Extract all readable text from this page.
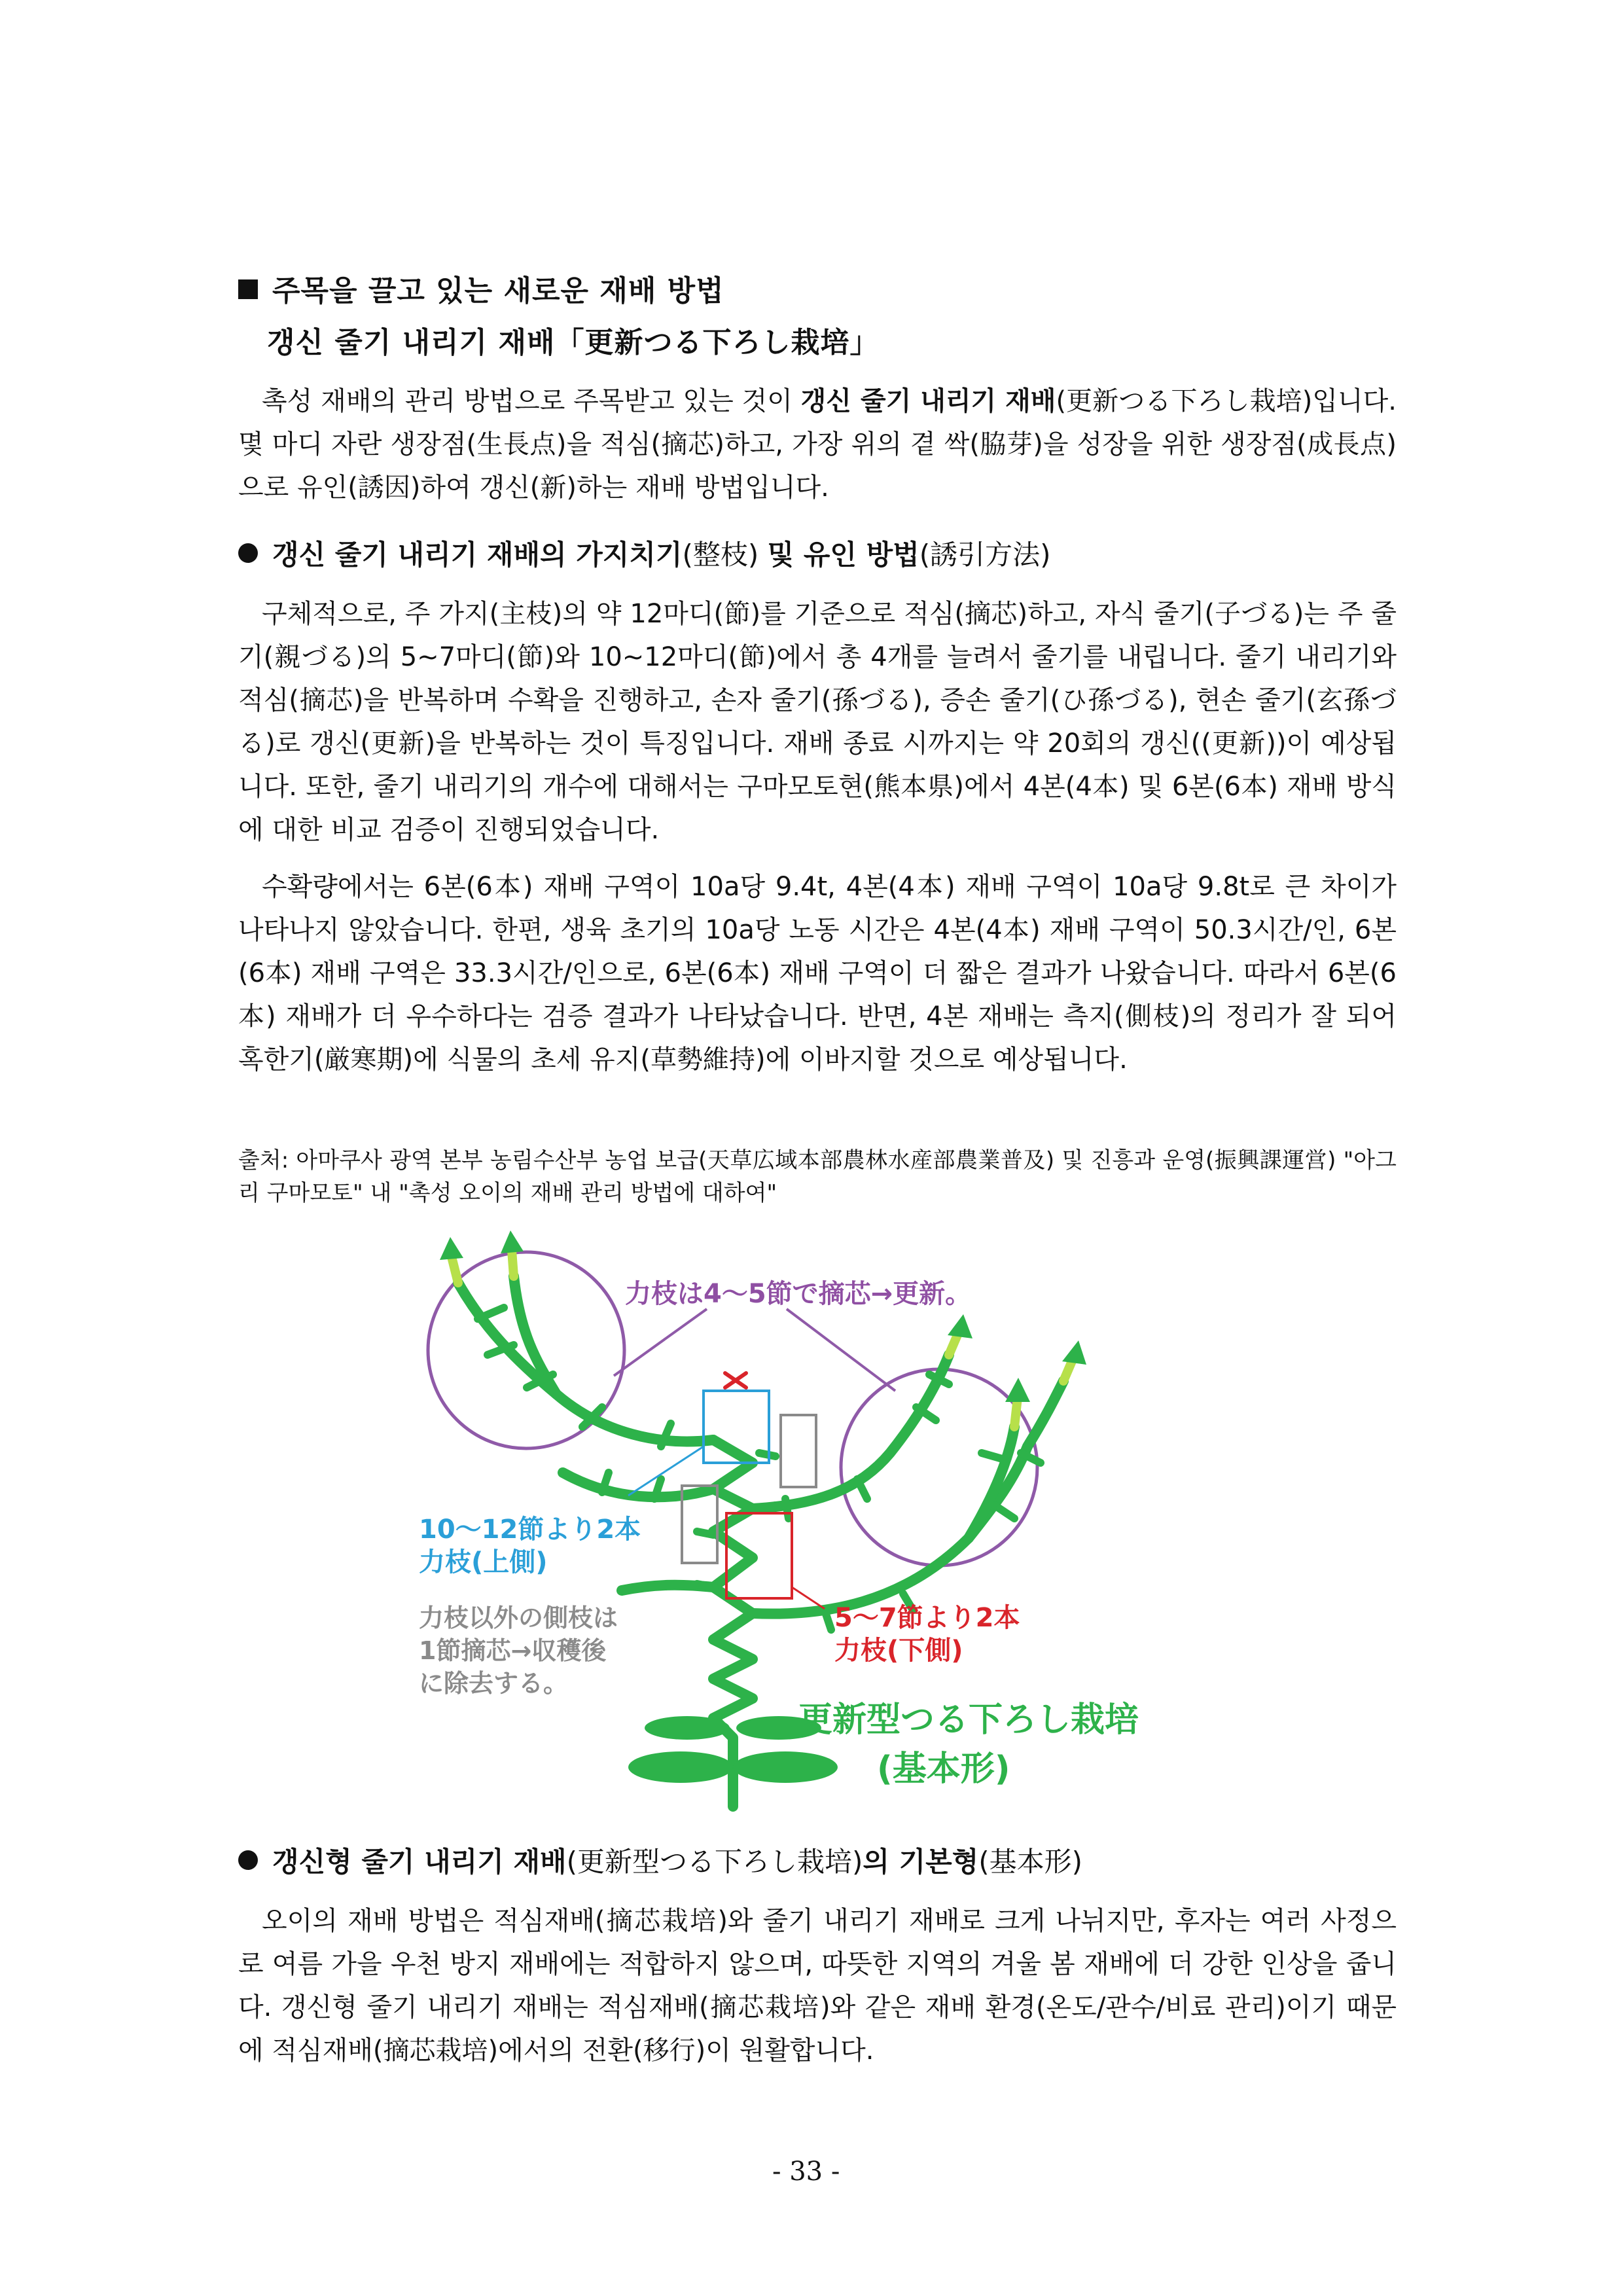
주목을 끌고 있는 새로운 재배 방법
갱신 줄기 내리기 재배「更新つる下ろし栽培」
촉성 재배의 관리 방법으로 주목받고 있는 것이 갱신 줄기 내리기 재배(更新つる下ろし栽培)입니다. 몇 마디 자란 생장점(生長点)을 적심(摘芯)하고, 가장 위의 곁 싹(脇芽)을 성장을 위한 생장점(成長点)으로 유인(誘因)하여 갱신(新)하는 재배 방법입니다.
갱신 줄기 내리기 재배의 가지치기(整枝) 및 유인 방법(誘引方法)
구체적으로, 주 가지(主枝)의 약 12마디(節)를 기준으로 적심(摘芯)하고, 자식 줄기(子づる)는 주 줄기(親づる)의 5~7마디(節)와 10~12마디(節)에서 총 4개를 늘려서 줄기를 내립니다. 줄기 내리기와 적심(摘芯)을 반복하며 수확을 진행하고, 손자 줄기(孫づる), 증손 줄기(ひ孫づる), 현손 줄기(玄孫づる)로 갱신(更新)을 반복하는 것이 특징입니다. 재배 종료 시까지는 약 20회의 갱신((更新))이 예상됩니다. 또한, 줄기 내리기의 개수에 대해서는 구마모토현(熊本県)에서 4본(4本) 및 6본(6本) 재배 방식에 대한 비교 검증이 진행되었습니다.
수확량에서는 6본(6本) 재배 구역이 10a당 9.4t, 4본(4本) 재배 구역이 10a당 9.8t로 큰 차이가 나타나지 않았습니다. 한편, 생육 초기의 10a당 노동 시간은 4본(4本) 재배 구역이 50.3시간/인, 6본(6本) 재배 구역은 33.3시간/인으로, 6본(6本) 재배 구역이 더 짧은 결과가 나왔습니다. 따라서 6본(6本) 재배가 더 우수하다는 검증 결과가 나타났습니다. 반면, 4본 재배는 측지(側枝)의 정리가 잘 되어 혹한기(厳寒期)에 식물의 초세 유지(草勢維持)에 이바지할 것으로 예상됩니다.
출처: 아마쿠사 광역 본부 농림수산부 농업 보급(天草広域本部農林水産部農業普及) 및 진흥과 운영(振興課運営) "아그리 구마모토" 내 "촉성 오이의 재배 관리 방법에 대하여"
力枝は4～5節で摘芯→更新。
10～12節より2本
力枝(上側)
力枝以外の側枝は
1節摘芯→収穫後
に除去する。
5～7節より2本
力枝(下側)
更新型つる下ろし栽培
(基本形)
갱신형 줄기 내리기 재배(更新型つる下ろし栽培)의 기본형(基本形)
오이의 재배 방법은 적심재배(摘芯栽培)와 줄기 내리기 재배로 크게 나뉘지만, 후자는 여러 사정으로 여름 가을 우천 방지 재배에는 적합하지 않으며, 따뜻한 지역의 겨울 봄 재배에 더 강한 인상을 줍니다. 갱신형 줄기 내리기 재배는 적심재배(摘芯栽培)와 같은 재배 환경(온도/관수/비료 관리)이기 때문에 적심재배(摘芯栽培)에서의 전환(移行)이 원활합니다.
- 33 -
